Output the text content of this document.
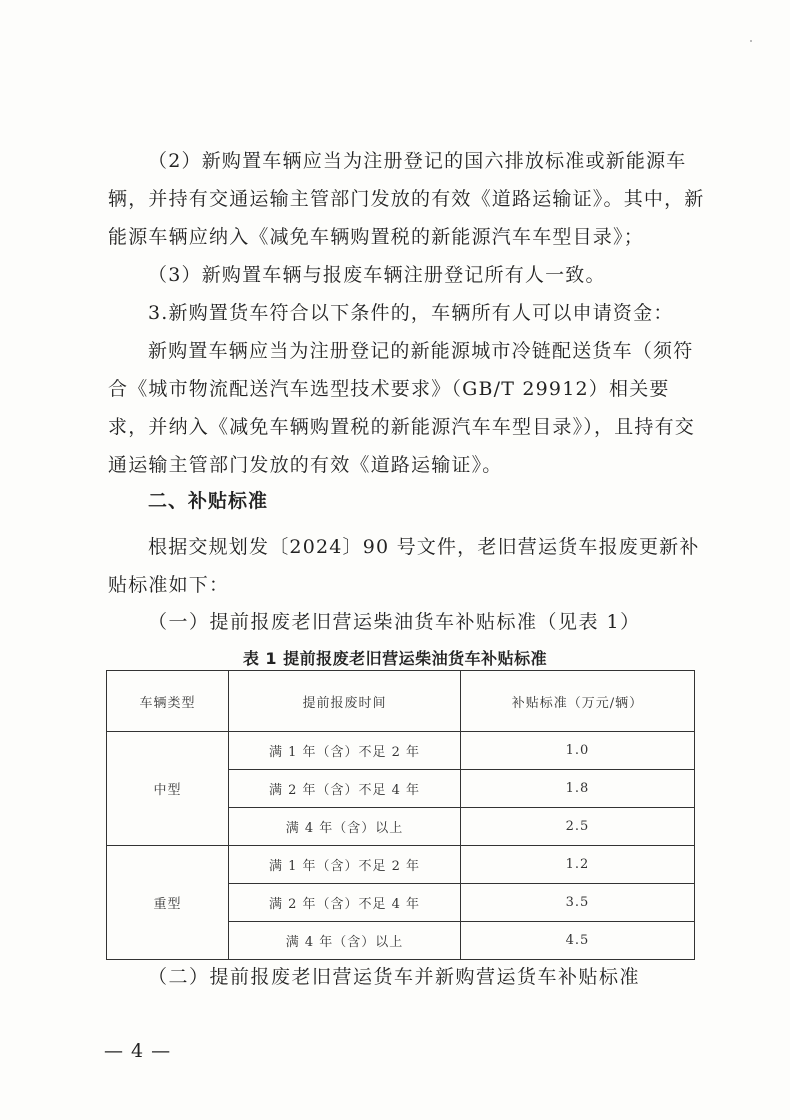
（2）新购置车辆应当为注册登记的国六排放标准或新能源车辆，并持有交通运输主管部门发放的有效《道路运输证》。其中，新能源车辆应纳入《减免车辆购置税的新能源汽车车型目录》；

（3）新购置车辆与报废车辆注册登记所有人一致。

3.新购置货车符合以下条件的，车辆所有人可以申请资金：

新购置车辆应当为注册登记的新能源城市冷链配送货车（须符合《城市物流配送汽车选型技术要求》（GB/T 29912）相关要求，并纳入《减免车辆购置税的新能源汽车车型目录》），且持有交通运输主管部门发放的有效《道路运输证》。

二、补贴标准

根据交规划发〔2024〕90 号文件，老旧营运货车报废更新补贴标准如下：

（一）提前报废老旧营运柴油货车补贴标准（见表 1）

表 1 提前报废老旧营运柴油货车补贴标准

车辆类型	提前报废时间	补贴标准（万元/辆）
中型	满 1 年（含）不足 2 年	1.0
	满 2 年（含）不足 4 年	1.8
	满 4 年（含）以上	2.5
重型	满 1 年（含）不足 2 年	1.2
	满 2 年（含）不足 4 年	3.5
	满 4 年（含）以上	4.5

（二）提前报废老旧营运货车并新购营运货车补贴标准

— 4 —
